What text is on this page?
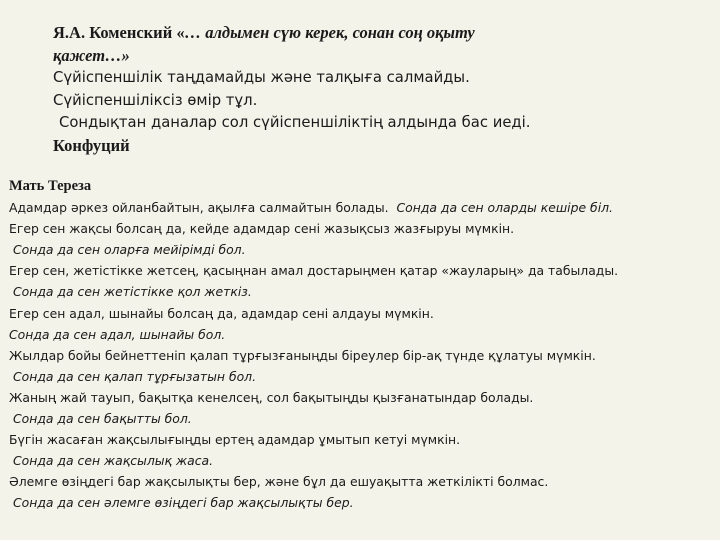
Я.А. Коменский «… алдымен сүю керек, сонан соң оқыту
қажет…»
Сүйіспеншілік таңдамайды және талқыға салмайды.
Сүйіспеншіліксіз өмір тұл.
Сондықтан даналар сол сүйіспеншіліктің алдында бас иеді.
Конфуций
Мать Тереза
Адамдар әркез ойланбайтын, ақылға салмайтын болады. Сонда да сен оларды кешіре біл.
Егер сен жақсы болсаң да, кейде адамдар сені жазықсыз жазғыруы мүмкін.
Сонда да сен оларға мейірімді бол.
Егер сен, жетістікке жетсең, қасыңнан амал достарыңмен қатар «жауларың» да табылады.
Сонда да сен жетістікке қол жеткіз.
Егер сен адал, шынайы болсаң да, адамдар сені алдауы мүмкін.
Сонда да сен адал, шынайы бол.
Жылдар бойы бейнеттеніп қалап тұрғызғаныңды біреулер бір-ақ түнде құлатуы мүмкін.
Сонда да сен қалап тұрғызатын бол.
Жаның жай тауып, бақытқа кенелсең, сол бақытыңды қызғанатындар болады.
Сонда да сен бақытты бол.
Бүгін жасаған жақсылығыңды ертең адамдар ұмытып кетуі мүмкін.
Сонда да сен жақсылық жаса.
Әлемге өзіңдегі бар жақсылықты бер, және бұл да ешуақытта жеткілікті болмас.
Сонда да сен әлемге өзіңдегі бар жақсылықты бер.
